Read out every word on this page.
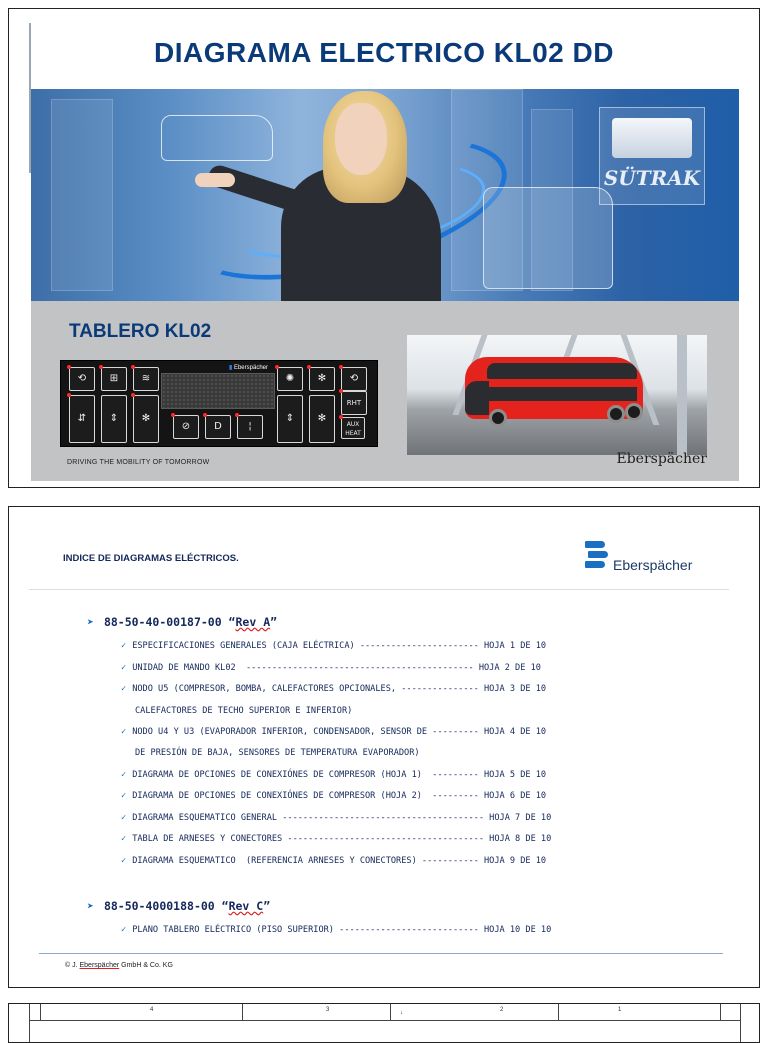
DIAGRAMA ELECTRICO KL02 DD
SÜTRAK
TABLERO KL02
▮ Eberspächer
⟲	⊞	≋
⇵	⇕	✻
⊘	D	¦
✺	✻	⟲
⇕	✻
RHT
AUX HEAT
DRIVING THE MOBILITY OF TOMORROW	Eberspächer
INDICE DE DIAGRAMAS ELÉCTRICOS.	Eberspächer
➤ 88-50-40-00187-00 “Rev A”
✓ ESPECIFICACIONES GENERALES (CAJA ELÉCTRICA) ----------------------- HOJA 1 DE 10
✓ UNIDAD DE MANDO KL02  -------------------------------------------- HOJA 2 DE 10
✓ NODO U5 (COMPRESOR, BOMBA, CALEFACTORES OPCIONALES, --------------- HOJA 3 DE 10
CALEFACTORES DE TECHO SUPERIOR E INFERIOR)
✓ NODO U4 Y U3 (EVAPORADOR INFERIOR, CONDENSADOR, SENSOR DE --------- HOJA 4 DE 10
DE PRESIÓN DE BAJA, SENSORES DE TEMPERATURA EVAPORADOR)
✓ DIAGRAMA DE OPCIONES DE CONEXIÓNES DE COMPRESOR (HOJA 1)  --------- HOJA 5 DE 10
✓ DIAGRAMA DE OPCIONES DE CONEXIÓNES DE COMPRESOR (HOJA 2)  --------- HOJA 6 DE 10
✓ DIAGRAMA ESQUEMATICO GENERAL --------------------------------------- HOJA 7 DE 10
✓ TABLA DE ARNESES Y CONECTORES -------------------------------------- HOJA 8 DE 10
✓ DIAGRAMA ESQUEMATICO  (REFERENCIA ARNESES Y CONECTORES) ----------- HOJA 9 DE 10
➤ 88-50-4000188-00 “Rev C”
✓ PLANO TABLERO ELÉCTRICO (PISO SUPERIOR) --------------------------- HOJA 10 DE 10
© J. Eberspächer GmbH & Co. KG
4	3	↓	2	1
